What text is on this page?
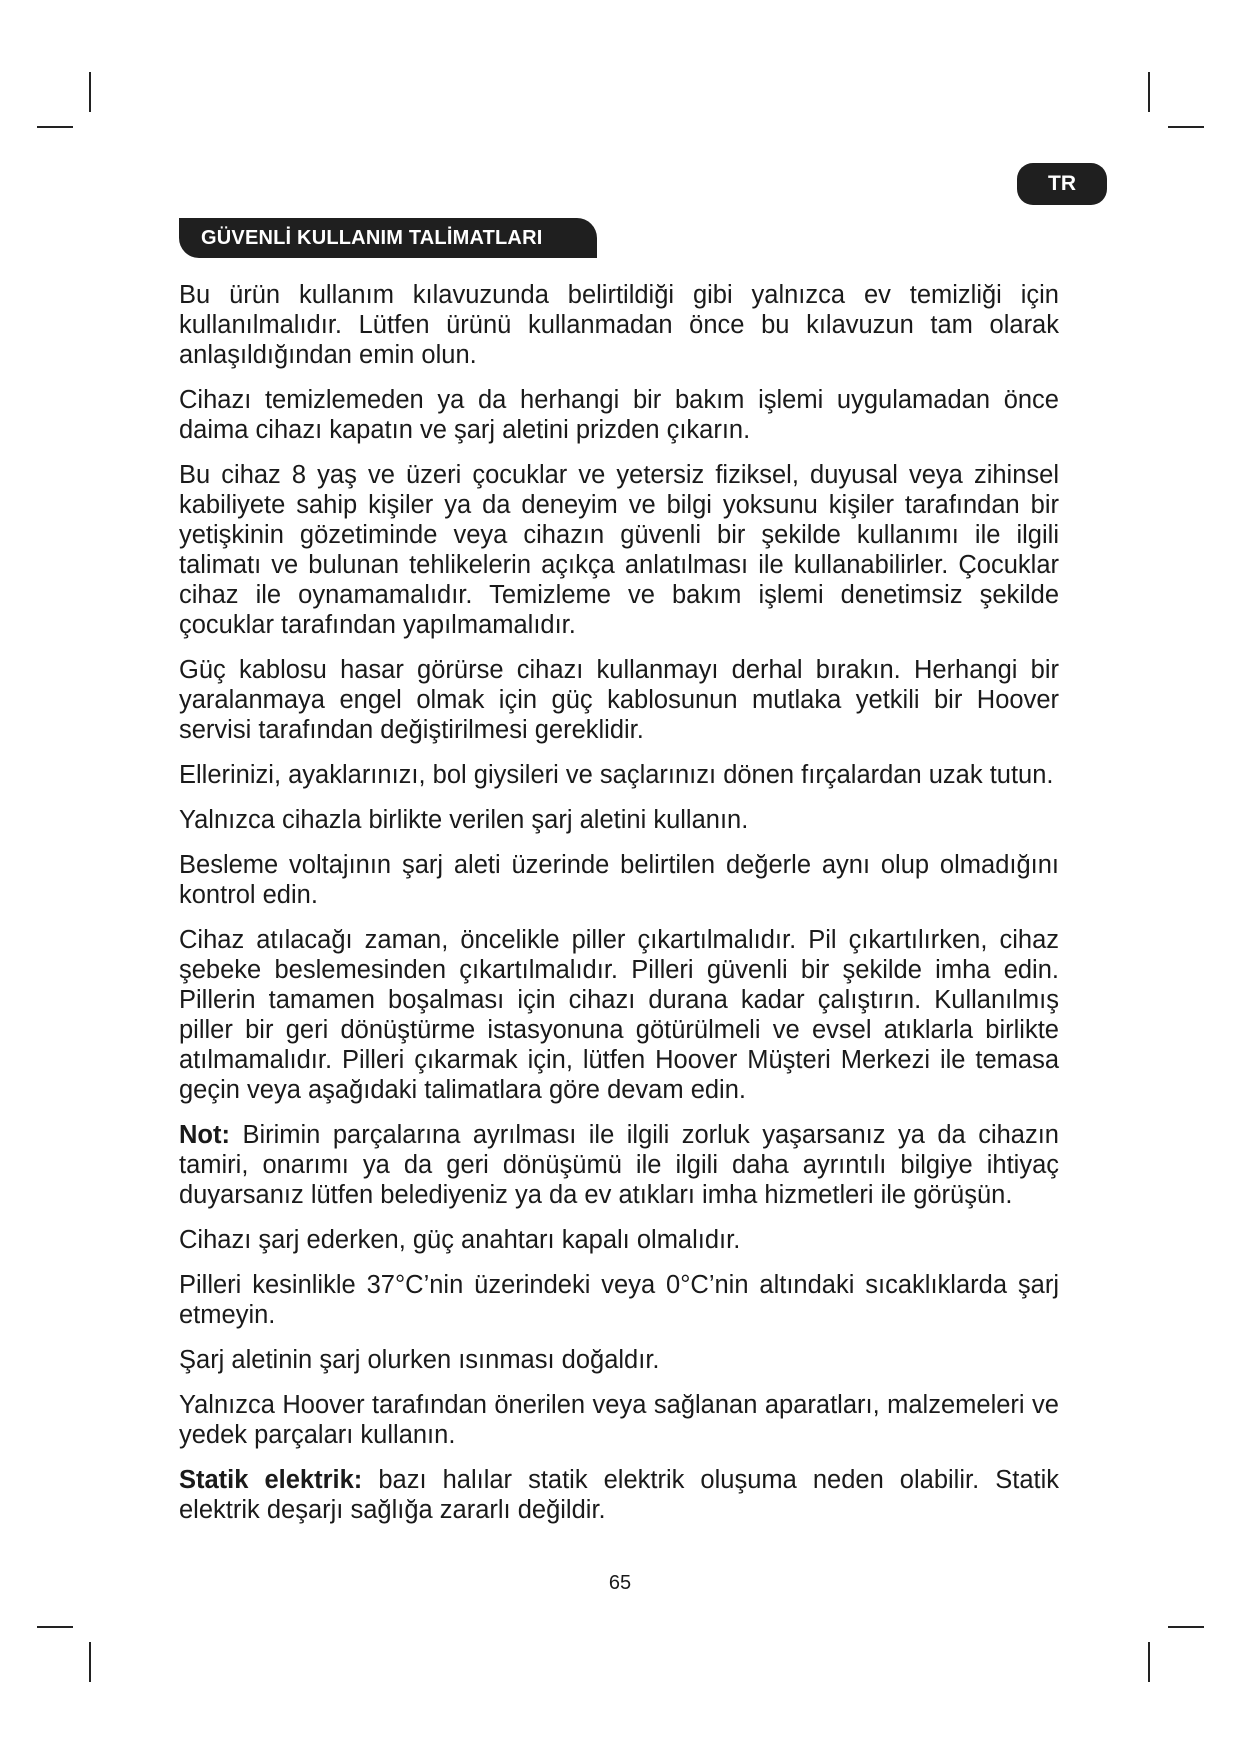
TR
GÜVENLİ KULLANIM TALİMATLARI

Bu ürün kullanım kılavuzunda belirtildiği gibi yalnızca ev temizliği için kullanılmalıdır. Lütfen ürünü kullanmadan önce bu kılavuzun tam olarak anlaşıldığından emin olun.

Cihazı temizlemeden ya da herhangi bir bakım işlemi uygulamadan önce daima cihazı kapatın ve şarj aletini prizden çıkarın.

Bu cihaz 8 yaş ve üzeri çocuklar ve yetersiz fiziksel, duyusal veya zihinsel kabiliyete sahip kişiler ya da deneyim ve bilgi yoksunu kişiler tarafından bir yetişkinin gözetiminde veya cihazın güvenli bir şekilde kullanımı ile ilgili talimatı ve bulunan tehlikelerin açıkça anlatılması ile kullanabilirler. Çocuklar cihaz ile oynamamalıdır. Temizleme ve bakım işlemi denetimsiz şekilde çocuklar tarafından yapılmamalıdır.

Güç kablosu hasar görürse cihazı kullanmayı derhal bırakın. Herhangi bir yaralanmaya engel olmak için güç kablosunun mutlaka yetkili bir Hoover servisi tarafından değiştirilmesi gereklidir.

Ellerinizi, ayaklarınızı, bol giysileri ve saçlarınızı dönen fırçalardan uzak tutun.

Yalnızca cihazla birlikte verilen şarj aletini kullanın.

Besleme voltajının şarj aleti üzerinde belirtilen değerle aynı olup olmadığını kontrol edin.

Cihaz atılacağı zaman, öncelikle piller çıkartılmalıdır. Pil çıkartılırken, cihaz şebeke beslemesinden çıkartılmalıdır. Pilleri güvenli bir şekilde imha edin. Pillerin tamamen boşalması için cihazı durana kadar çalıştırın. Kullanılmış piller bir geri dönüştürme istasyonuna götürülmeli ve evsel atıklarla birlikte atılmamalıdır. Pilleri çıkarmak için, lütfen Hoover Müşteri Merkezi ile temasa geçin veya aşağıdaki talimatlara göre devam edin.

Not: Birimin parçalarına ayrılması ile ilgili zorluk yaşarsanız ya da cihazın tamiri, onarımı ya da geri dönüşümü ile ilgili daha ayrıntılı bilgiye ihtiyaç duyarsanız lütfen belediyeniz ya da ev atıkları imha hizmetleri ile görüşün.

Cihazı şarj ederken, güç anahtarı kapalı olmalıdır.

Pilleri kesinlikle 37°C’nin üzerindeki veya 0°C’nin altındaki sıcaklıklarda şarj etmeyin.

Şarj aletinin şarj olurken ısınması doğaldır.

Yalnızca Hoover tarafından önerilen veya sağlanan aparatları, malzemeleri ve yedek parçaları kullanın.

Statik elektrik: bazı halılar statik elektrik oluşuma neden olabilir. Statik elektrik deşarjı sağlığa zararlı değildir.

65
